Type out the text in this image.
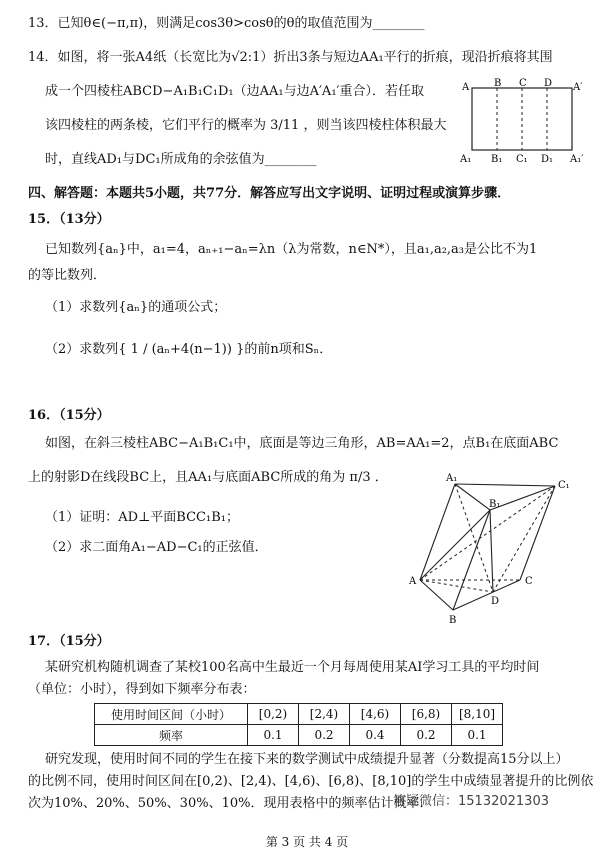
13．已知θ∈(−π,π)，则满足cos3θ>cosθ的θ的取值范围为________
14．如图，将一张A4纸（长宽比为√2:1）折出3条与短边AA₁平行的折痕，现沿折痕将其围
成一个四棱柱ABCD−A₁B₁C₁D₁（边AA₁与边A′A₁′重合）．若任取
该四棱柱的两条棱，它们平行的概率为 3/11 ，则当该四棱柱体积最大
时，直线AD₁与DC₁所成角的余弦值为________
A B C D A′
A₁ B₁ C₁ D₁ A₁′
四、解答题：本题共5小题，共77分．解答应写出文字说明、证明过程或演算步骤．
15．（13分）
已知数列{aₙ}中，a₁=4，aₙ₊₁−aₙ=λn（λ为常数，n∈N*），且a₁,a₂,a₃是公比不为1
的等比数列．
（1）求数列{aₙ}的通项公式；
（2）求数列{ 1 / (aₙ+4(n−1)) }的前n项和Sₙ．
16．（15分）
如图，在斜三棱柱ABC−A₁B₁C₁中，底面是等边三角形，AB=AA₁=2，点B₁在底面ABC
上的射影D在线段BC上，且AA₁与底面ABC所成的角为 π/3 ．
（1）证明：AD⊥平面BCC₁B₁；
（2）求二面角A₁−AD−C₁的正弦值．
A₁
C₁
B₁
A	C
D
B
17．（15分）
某研究机构随机调查了某校100名高中生最近一个月每周使用某AI学习工具的平均时间
（单位：小时），得到如下频率分布表：
使用时间区间（小时）	[0,2)	[2,4)	[4,6)	[6,8)	[8,10]
频率	0.1	0.2	0.4	0.2	0.1
研究发现，使用时间不同的学生在接下来的数学测试中成绩提升显著（分数提高15分以上）
的比例不同，使用时间区间在[0,2)、[2,4)、[4,6)、[6,8)、[8,10]的学生中成绩显著提升的比例依
次为10%、20%、50%、30%、10%．现用表格中的频率估计概率．
答疑微信：15132021303
第 3 页 共 4 页
